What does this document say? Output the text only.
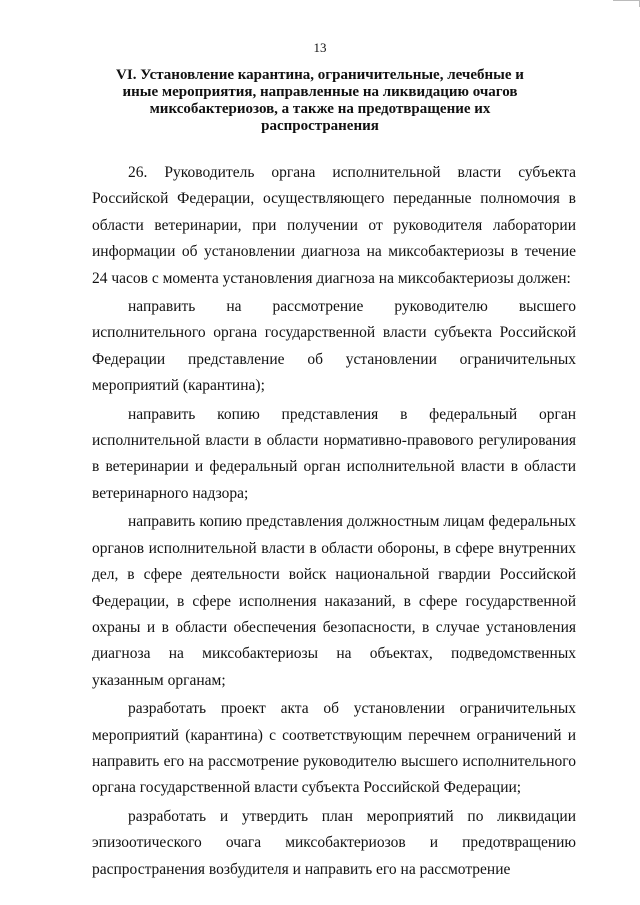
13
VI. Установление карантина, ограничительные, лечебные и иные мероприятия, направленные на ликвидацию очагов миксобактериозов, а также на предотвращение их распространения

26. Руководитель органа исполнительной власти субъекта Российской Федерации, осуществляющего переданные полномочия в области ветеринарии, при получении от руководителя лаборатории информации об установлении диагноза на миксобактериозы в течение 24 часов с момента установления диагноза на миксобактериозы должен:

направить на рассмотрение руководителю высшего исполнительного органа государственной власти субъекта Российской Федерации представление об установлении ограничительных мероприятий (карантина);

направить копию представления в федеральный орган исполнительной власти в области нормативно-правового регулирования в ветеринарии и федеральный орган исполнительной власти в области ветеринарного надзора;

направить копию представления должностным лицам федеральных органов исполнительной власти в области обороны, в сфере внутренних дел, в сфере деятельности войск национальной гвардии Российской Федерации, в сфере исполнения наказаний, в сфере государственной охраны и в области обеспечения безопасности, в случае установления диагноза на миксобактериозы на объектах, подведомственных указанным органам;

разработать проект акта об установлении ограничительных мероприятий (карантина) с соответствующим перечнем ограничений и направить его на рассмотрение руководителю высшего исполнительного органа государственной власти субъекта Российской Федерации;

разработать и утвердить план мероприятий по ликвидации эпизоотического очага миксобактериозов и предотвращению распространения возбудителя и направить его на рассмотрение
